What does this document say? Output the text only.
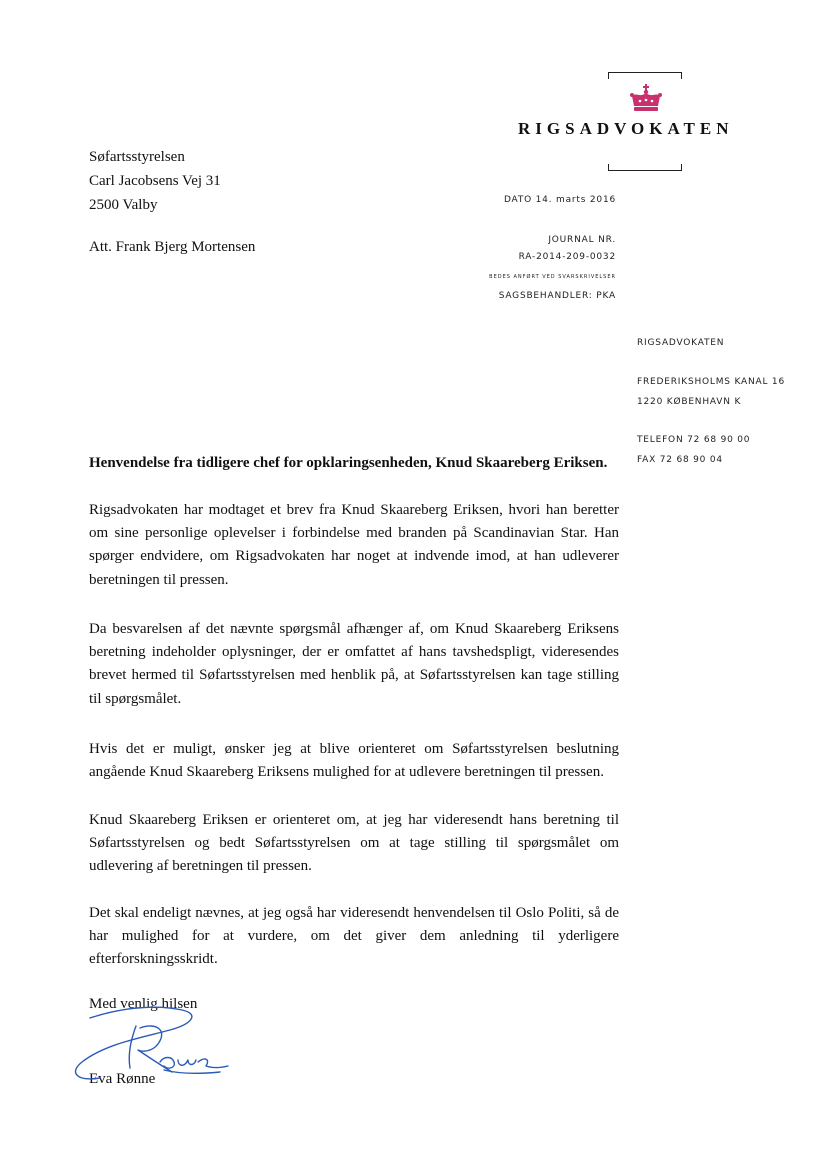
RIGSADVOKATEN
Søfartsstyrelsen
Carl Jacobsens Vej 31
2500 Valby
Att. Frank Bjerg Mortensen
DATO 14. marts 2016
JOURNAL NR.
RA-2014-209-0032
BEDES ANFØRT VED SVARSKRIVELSER
SAGSBEHANDLER: PKA
RIGSADVOKATEN
FREDERIKSHOLMS KANAL 16
1220 KØBENHAVN K
TELEFON 72 68 90 00
FAX 72 68 90 04
Henvendelse fra tidligere chef for opklaringsenheden, Knud Skaareberg Eriksen.
Rigsadvokaten har modtaget et brev fra Knud Skaareberg Eriksen, hvori han beretter om sine personlige oplevelser i forbindelse med branden på Scandinavian Star. Han spørger endvidere, om Rigsadvokaten har noget at indvende imod, at han udleverer beretningen til pressen.
Da besvarelsen af det nævnte spørgsmål afhænger af, om Knud Skaareberg Eriksens beretning indeholder oplysninger, der er omfattet af hans tavshedspligt, videresendes brevet hermed til Søfartsstyrelsen med henblik på, at Søfartsstyrelsen kan tage stilling til spørgsmålet.
Hvis det er muligt, ønsker jeg at blive orienteret om Søfartsstyrelsen beslutning angående Knud Skaareberg Eriksens mulighed for at udlevere beretningen til pressen.
Knud Skaareberg Eriksen er orienteret om, at jeg har videresendt hans beretning til Søfartsstyrelsen og bedt Søfartsstyrelsen om at tage stilling til spørgsmålet om udlevering af beretningen til pressen.
Det skal endeligt nævnes, at jeg også har videresendt henvendelsen til Oslo Politi, så de har mulighed for at vurdere, om det giver dem anledning til yderligere efterforskningsskridt.
Med venlig hilsen
Eva Rønne
